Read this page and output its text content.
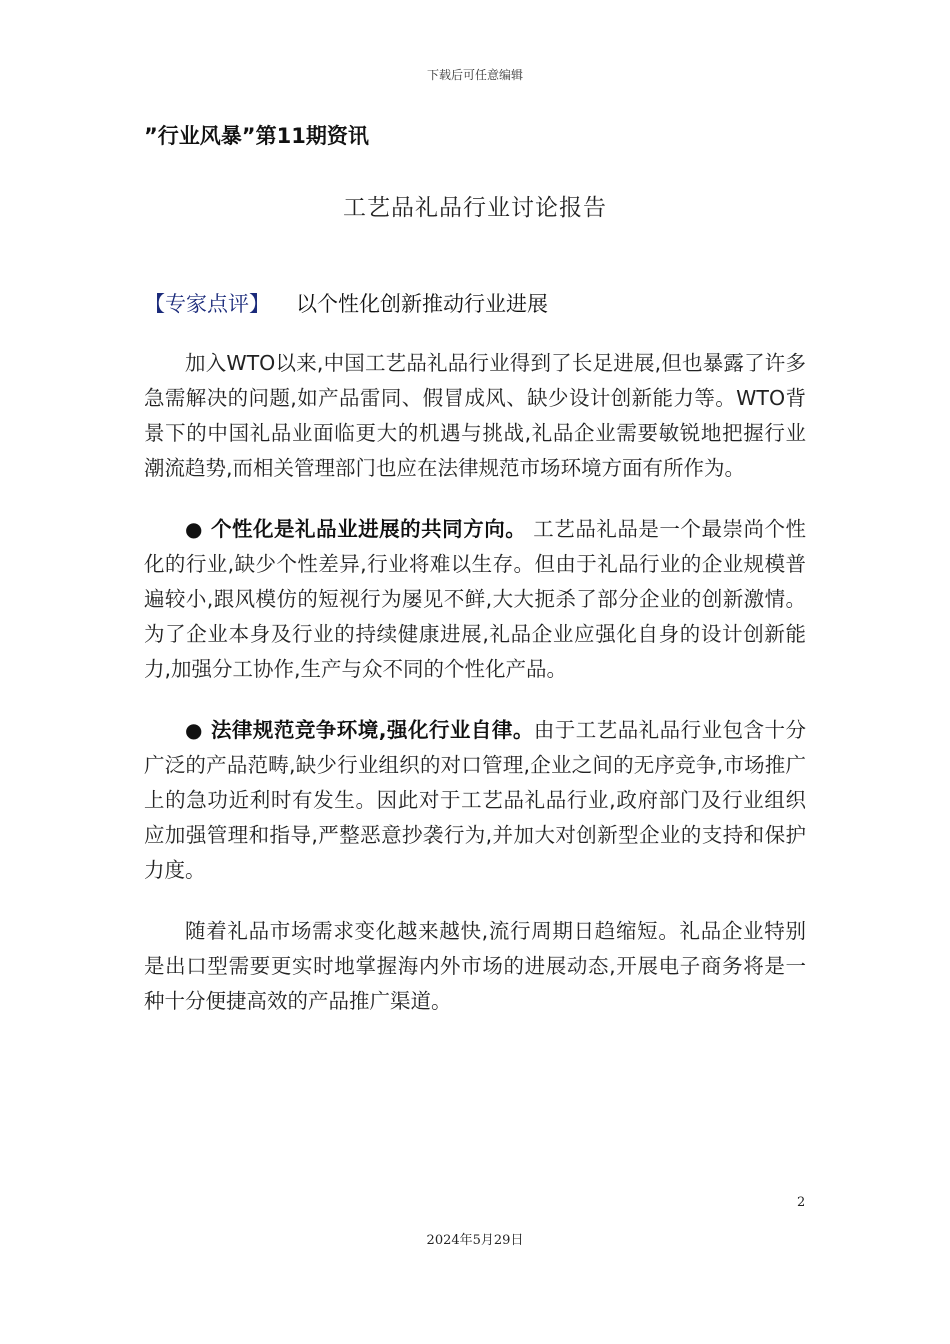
下载后可任意编辑
”行业风暴”第11期资讯
工艺品礼品行业讨论报告
【专家点评】 以个性化创新推动行业进展

加入WTO以来,中国工艺品礼品行业得到了长足进展,但也暴露了许多急需解决的问题,如产品雷同、假冒成风、缺少设计创新能力等。WTO背景下的中国礼品业面临更大的机遇与挑战,礼品企业需要敏锐地把握行业潮流趋势,而相关管理部门也应在法律规范市场环境方面有所作为。

● 个性化是礼品业进展的共同方向。 工艺品礼品是一个最崇尚个性化的行业,缺少个性差异,行业将难以生存。但由于礼品行业的企业规模普遍较小,跟风模仿的短视行为屡见不鲜,大大扼杀了部分企业的创新激情。为了企业本身及行业的持续健康进展,礼品企业应强化自身的设计创新能力,加强分工协作,生产与众不同的个性化产品。

● 法律规范竞争环境,强化行业自律。由于工艺品礼品行业包含十分广泛的产品范畴,缺少行业组织的对口管理,企业之间的无序竞争,市场推广上的急功近利时有发生。因此对于工艺品礼品行业,政府部门及行业组织应加强管理和指导,严整恶意抄袭行为,并加大对创新型企业的支持和保护力度。

随着礼品市场需求变化越来越快,流行周期日趋缩短。礼品企业特别是出口型需要更实时地掌握海内外市场的进展动态,开展电子商务将是一种十分便捷高效的产品推广渠道。

2
2024年5月29日
